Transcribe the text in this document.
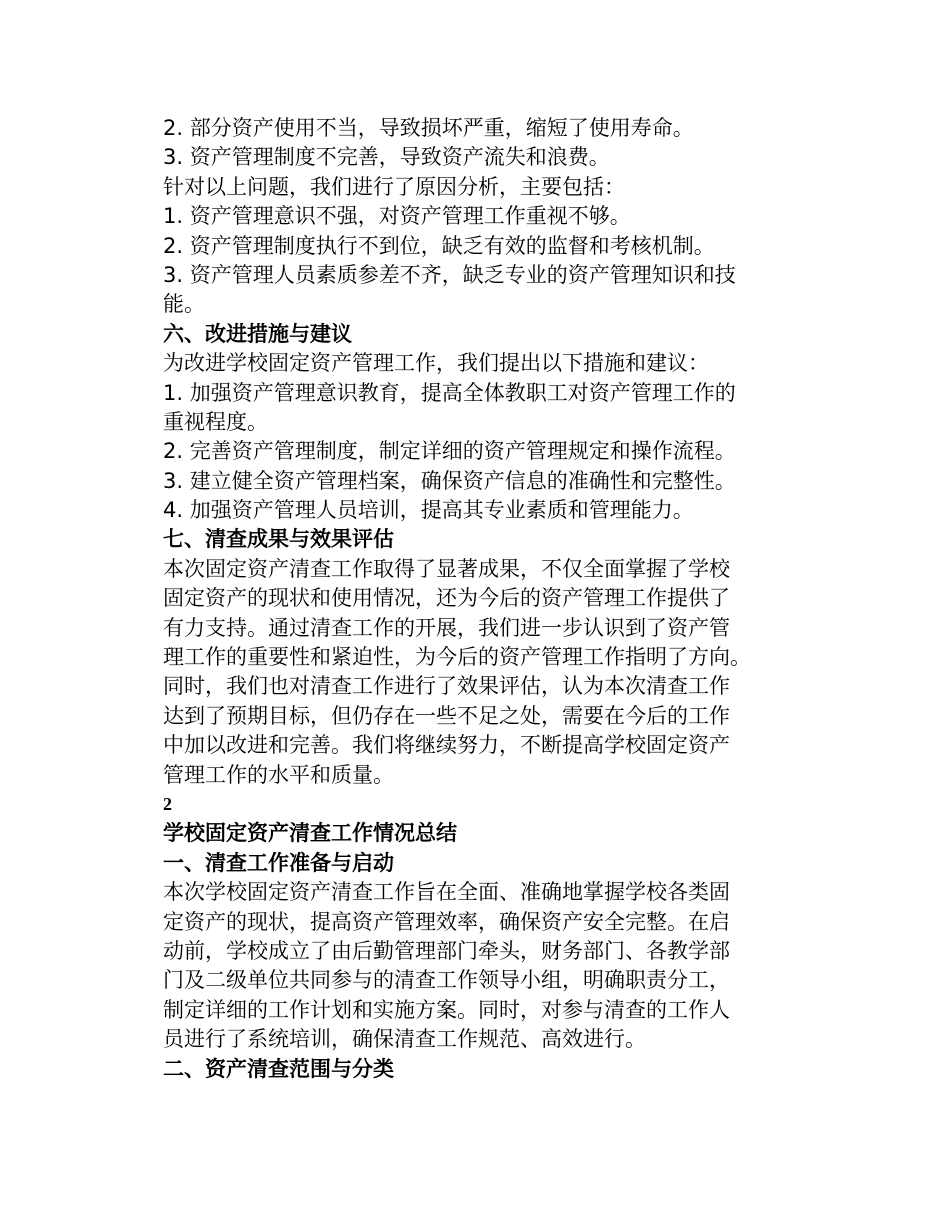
2. 部分资产使用不当，导致损坏严重，缩短了使用寿命。
3. 资产管理制度不完善，导致资产流失和浪费。
针对以上问题，我们进行了原因分析，主要包括：
1. 资产管理意识不强，对资产管理工作重视不够。
2. 资产管理制度执行不到位，缺乏有效的监督和考核机制。
3. 资产管理人员素质参差不齐，缺乏专业的资产管理知识和技
能。
六、改进措施与建议
为改进学校固定资产管理工作，我们提出以下措施和建议：
1. 加强资产管理意识教育，提高全体教职工对资产管理工作的
重视程度。
2. 完善资产管理制度，制定详细的资产管理规定和操作流程。
3. 建立健全资产管理档案，确保资产信息的准确性和完整性。
4. 加强资产管理人员培训，提高其专业素质和管理能力。
七、清查成果与效果评估
本次固定资产清查工作取得了显著成果，不仅全面掌握了学校
固定资产的现状和使用情况，还为今后的资产管理工作提供了
有力支持。通过清查工作的开展，我们进一步认识到了资产管
理工作的重要性和紧迫性，为今后的资产管理工作指明了方向。
同时，我们也对清查工作进行了效果评估，认为本次清查工作
达到了预期目标，但仍存在一些不足之处，需要在今后的工作
中加以改进和完善。我们将继续努力，不断提高学校固定资产
管理工作的水平和质量。
2
学校固定资产清查工作情况总结
一、清查工作准备与启动
本次学校固定资产清查工作旨在全面、准确地掌握学校各类固
定资产的现状，提高资产管理效率，确保资产安全完整。在启
动前，学校成立了由后勤管理部门牵头，财务部门、各教学部
门及二级单位共同参与的清查工作领导小组，明确职责分工，
制定详细的工作计划和实施方案。同时，对参与清查的工作人
员进行了系统培训，确保清查工作规范、高效进行。
二、资产清查范围与分类
